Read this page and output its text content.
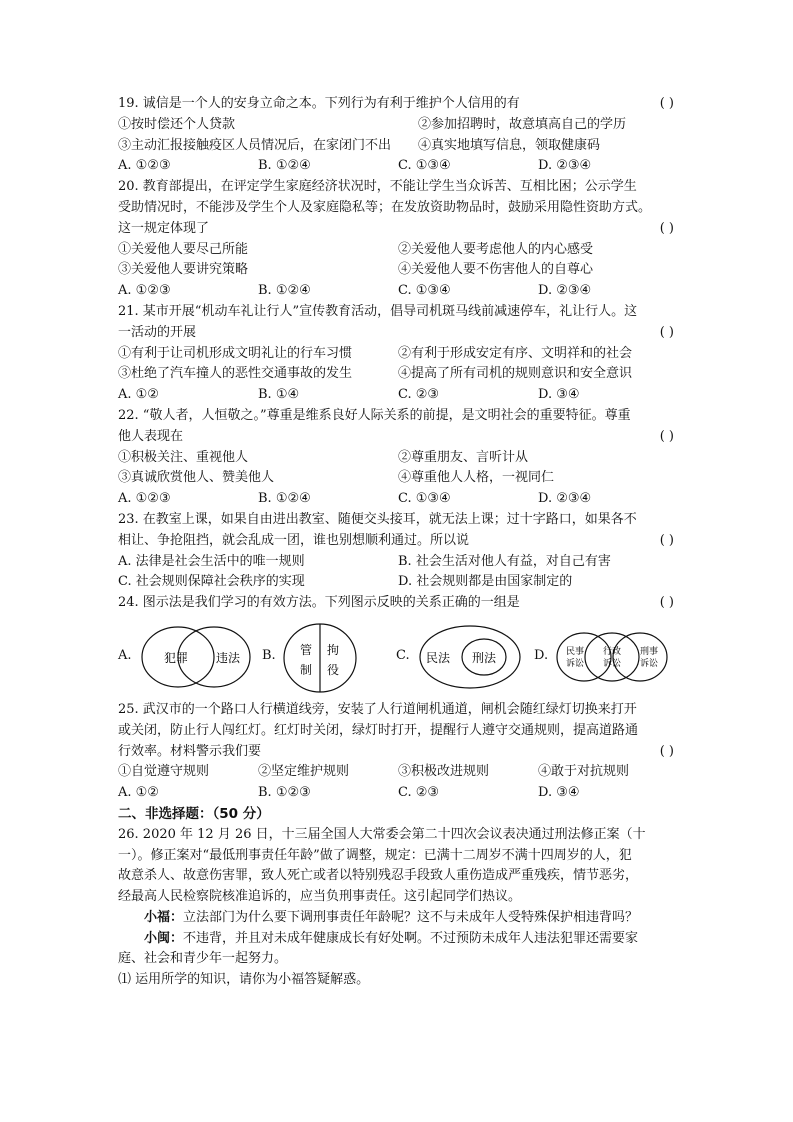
19. 诚信是一个人的安身立命之本。下列行为有利于维护个人信用的有	( )
①按时偿还个人贷款	②参加招聘时，故意填高自己的学历
③主动汇报接触疫区人员情况后，在家闭门不出 ④真实地填写信息，领取健康码
A. ①②③	B. ①②④	C. ①③④	D. ②③④
20. 教育部提出，在评定学生家庭经济状况时，不能让学生当众诉苦、互相比困；公示学生
受助情况时，不能涉及学生个人及家庭隐私等；在发放资助物品时，鼓励采用隐性资助方式。
这一规定体现了	( )
①关爱他人要尽己所能	②关爱他人要考虑他人的内心感受
③关爱他人要讲究策略	④关爱他人要不伤害他人的自尊心
A. ①②③	B. ①②④	C. ①③④	D. ②③④
21. 某市开展“机动车礼让行人”宣传教育活动，倡导司机斑马线前减速停车，礼让行人。这
一活动的开展	( )
①有利于让司机形成文明礼让的行车习惯	②有利于形成安定有序、文明祥和的社会
③杜绝了汽车撞人的恶性交通事故的发生	④提高了所有司机的规则意识和安全意识
A. ①②	B. ①④	C. ②③	D. ③④
22. “敬人者，人恒敬之。”尊重是维系良好人际关系的前提，是文明社会的重要特征。尊重
他人表现在	( )
①积极关注、重视他人	②尊重朋友、言听计从
③真诚欣赏他人、赞美他人	④尊重他人人格，一视同仁
A. ①②③	B. ①②④	C. ①③④	D. ②③④
23. 在教室上课，如果自由进出教室、随便交头接耳，就无法上课；过十字路口，如果各不
相让、争抢阻挡，就会乱成一团，谁也别想顺利通过。所以说	( )
A. 法律是社会生活中的唯一规则	B. 社会生活对他人有益，对自己有害
C. 社会规则保障社会秩序的实现	D. 社会规则都是由国家制定的
24. 图示法是我们学习的有效方法。下列图示反映的关系正确的一组是	( )
A.	犯罪 违法 B. 管
制
拘
役
C. 民法 刑法	D. 民事
诉讼
行政
诉讼
刑事
诉讼
25. 武汉市的一个路口人行横道线旁，安装了人行道闸机通道，闸机会随红绿灯切换来打开
或关闭，防止行人闯红灯。红灯时关闭，绿灯时打开，提醒行人遵守交通规则，提高道路通
行效率。材料警示我们要	( )
①自觉遵守规则	②坚定维护规则	③积极改进规则	④敢于对抗规则
A. ①②	B. ①②③	C. ②③	D. ③④
二、非选择题：（50 分）
26. 2020 年 12 月 26 日，十三届全国人大常委会第二十四次会议表决通过刑法修正案（十
一）。修正案对“最低刑事责任年龄”做了调整，规定：已满十二周岁不满十四周岁的人，犯
故意杀人、故意伤害罪，致人死亡或者以特别残忍手段致人重伤造成严重残疾，情节恶劣，
经最高人民检察院核准追诉的，应当负刑事责任。这引起同学们热议。
小福：立法部门为什么要下调刑事责任年龄呢？这不与未成年人受特殊保护相违背吗？
小闽：不违背，并且对未成年健康成长有好处啊。不过预防未成年人违法犯罪还需要家
庭、社会和青少年一起努力。
⑴ 运用所学的知识，请你为小福答疑解惑。
